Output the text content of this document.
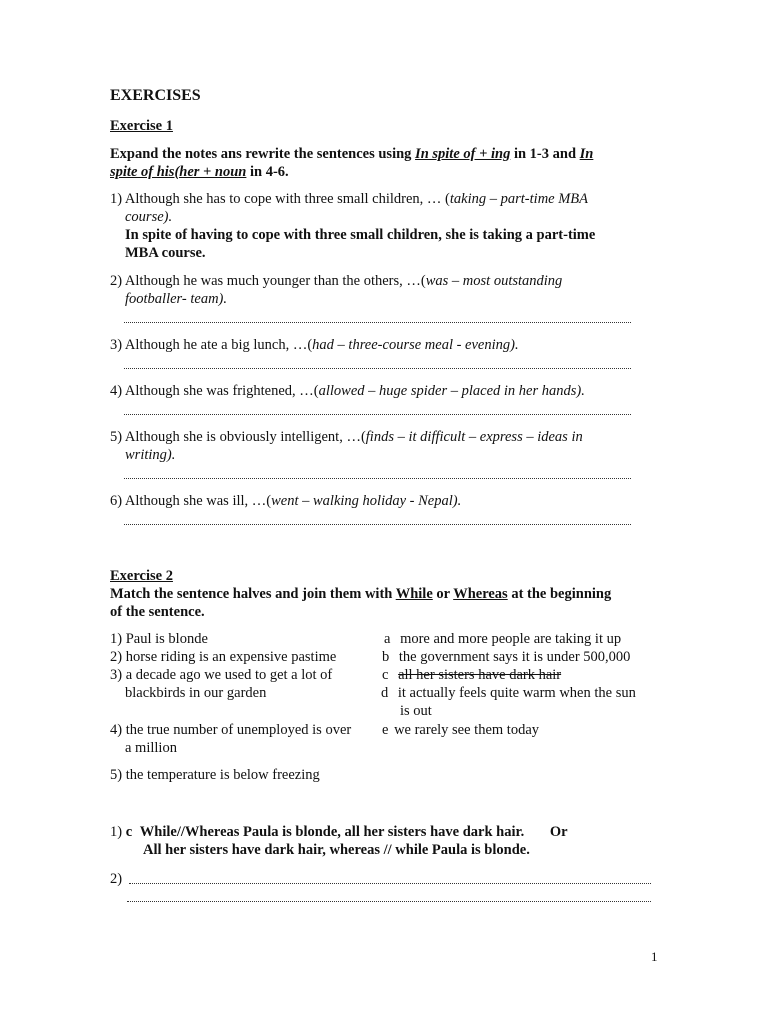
EXERCISES
Exercise 1
Expand the notes ans rewrite the sentences using In spite of + ing in 1-3 and In
spite of his(her + noun in 4-6.
1) Although she has to cope with three small children, … (taking – part-time MBA
course).
In spite of having to cope with three small children, she is taking a part-time
MBA course.
2) Although he was much younger than the others, …(was – most outstanding
footballer- team).
3) Although he ate a big lunch, …(had – three-course meal - evening).
4) Although she was frightened, …(allowed – huge spider – placed in her hands).
5) Although she is obviously intelligent, …(finds – it difficult – express – ideas in
writing).
6) Although she was ill, …(went – walking holiday - Nepal).
Exercise 2
Match the sentence halves and join them with While or Whereas at the beginning
of the sentence.
1) Paul is blonde
2) horse riding is an expensive pastime
3) a decade ago we used to get a lot of
blackbirds in our garden
4) the true number of unemployed is over
a million
5) the temperature is below freezing
a more and more people are taking it up
b the government says it is under 500,000
c all her sisters have dark hair
d it actually feels quite warm when the sun
is out
e we rarely see them today
1) c While//Whereas Paula is blonde, all her sisters have dark hair. Or
All her sisters have dark hair, whereas // while Paula is blonde.
2)
1
